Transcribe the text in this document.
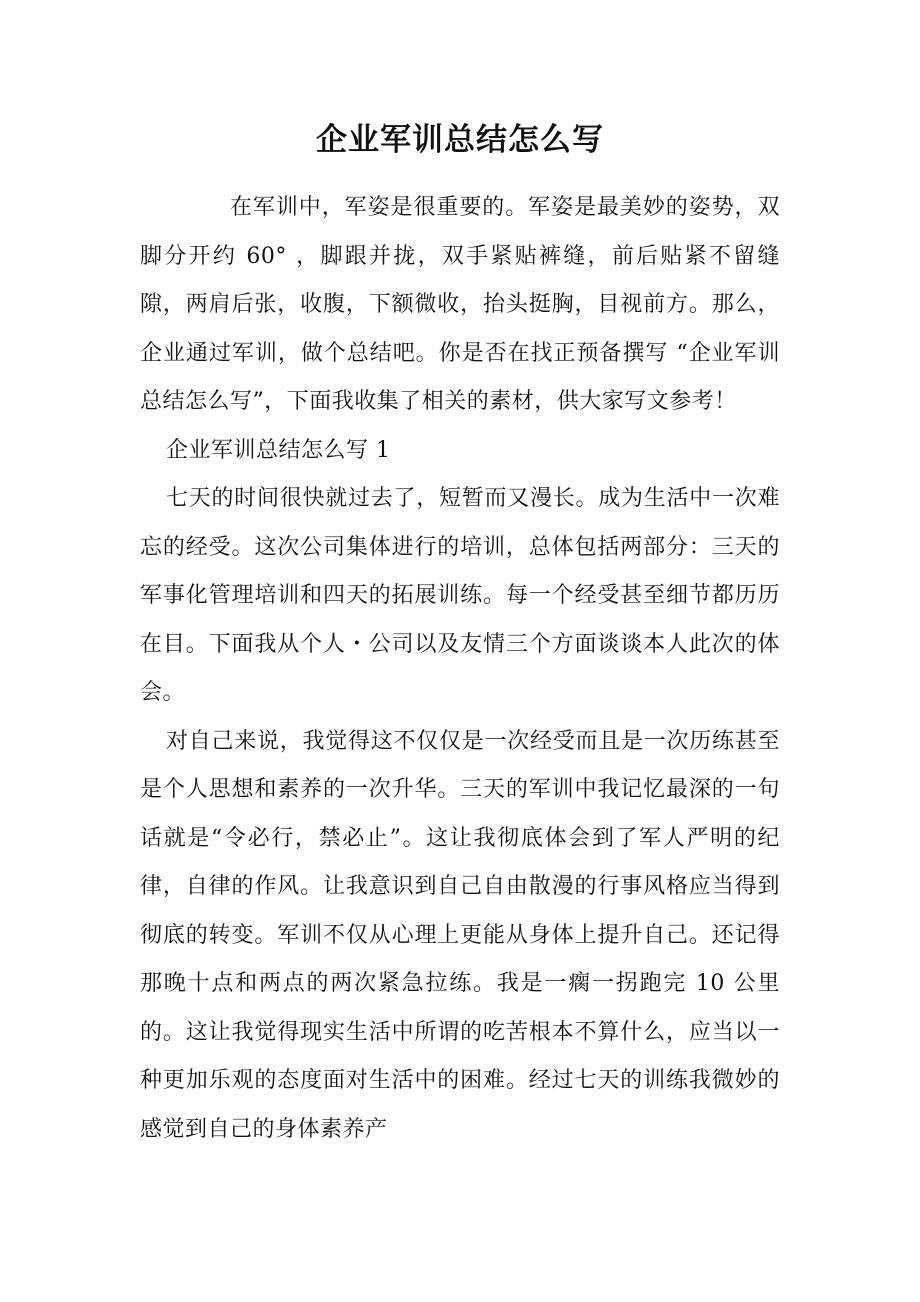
企业军训总结怎么写

在军训中，军姿是很重要的。军姿是最美妙的姿势，双脚分开约 60° ，脚跟并拢，双手紧贴裤缝，前后贴紧不留缝隙，两肩后张，收腹，下额微收，抬头挺胸，目视前方。那么，企业通过军训，做个总结吧。你是否在找正预备撰写 “企业军训总结怎么写”，下面我收集了相关的素材，供大家写文参考！

企业军训总结怎么写 1

七天的时间很快就过去了，短暂而又漫长。成为生活中一次难忘的经受。这次公司集体进行的培训，总体包括两部分：三天的军事化管理培训和四天的拓展训练。每一个经受甚至细节都历历在目。下面我从个人・公司以及友情三个方面谈谈本人此次的体会。

对自己来说，我觉得这不仅仅是一次经受而且是一次历练甚至是个人思想和素养的一次升华。三天的军训中我记忆最深的一句话就是“令必行，禁必止”。这让我彻底体会到了军人严明的纪律，自律的作风。让我意识到自己自由散漫的行事风格应当得到彻底的转变。军训不仅从心理上更能从身体上提升自己。还记得那晚十点和两点的两次紧急拉练。我是一瘸一拐跑完 10 公里的。这让我觉得现实生活中所谓的吃苦根本不算什么，应当以一种更加乐观的态度面对生活中的困难。经过七天的训练我微妙的感觉到自己的身体素养产
